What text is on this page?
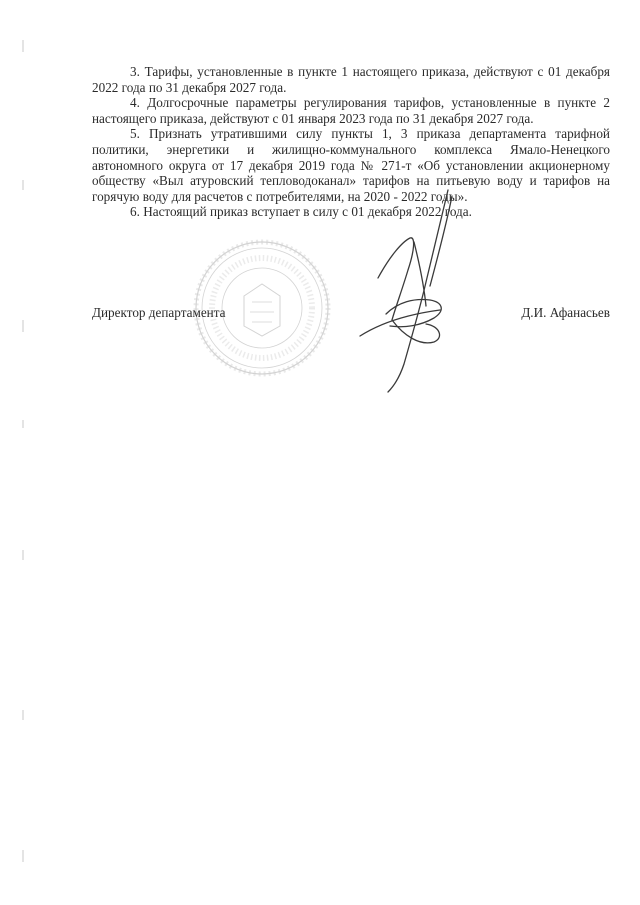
3. Тарифы, установленные в пункте 1 настоящего приказа, действуют с 01 декабря 2022 года по 31 декабря 2027 года.

4. Долгосрочные параметры регулирования тарифов, установленные в пункте 2 настоящего приказа, действуют с 01 января 2023 года по 31 декабря 2027 года.

5. Признать утратившими силу пункты 1, 3 приказа департамента тарифной политики, энергетики и жилищно-коммунального комплекса Ямало-Ненецкого автономного округа от 17 декабря 2019 года № 271-т «Об установлении акционерному обществу «Выл атуровский тепловодоканал» тарифов на питьевую воду и тарифов на горячую воду для расчетов с потребителями, на 2020 - 2022 годы».

6. Настоящий приказ вступает в силу с 01 декабря 2022 года.

Директор департамента	Д.И. Афанасьев
